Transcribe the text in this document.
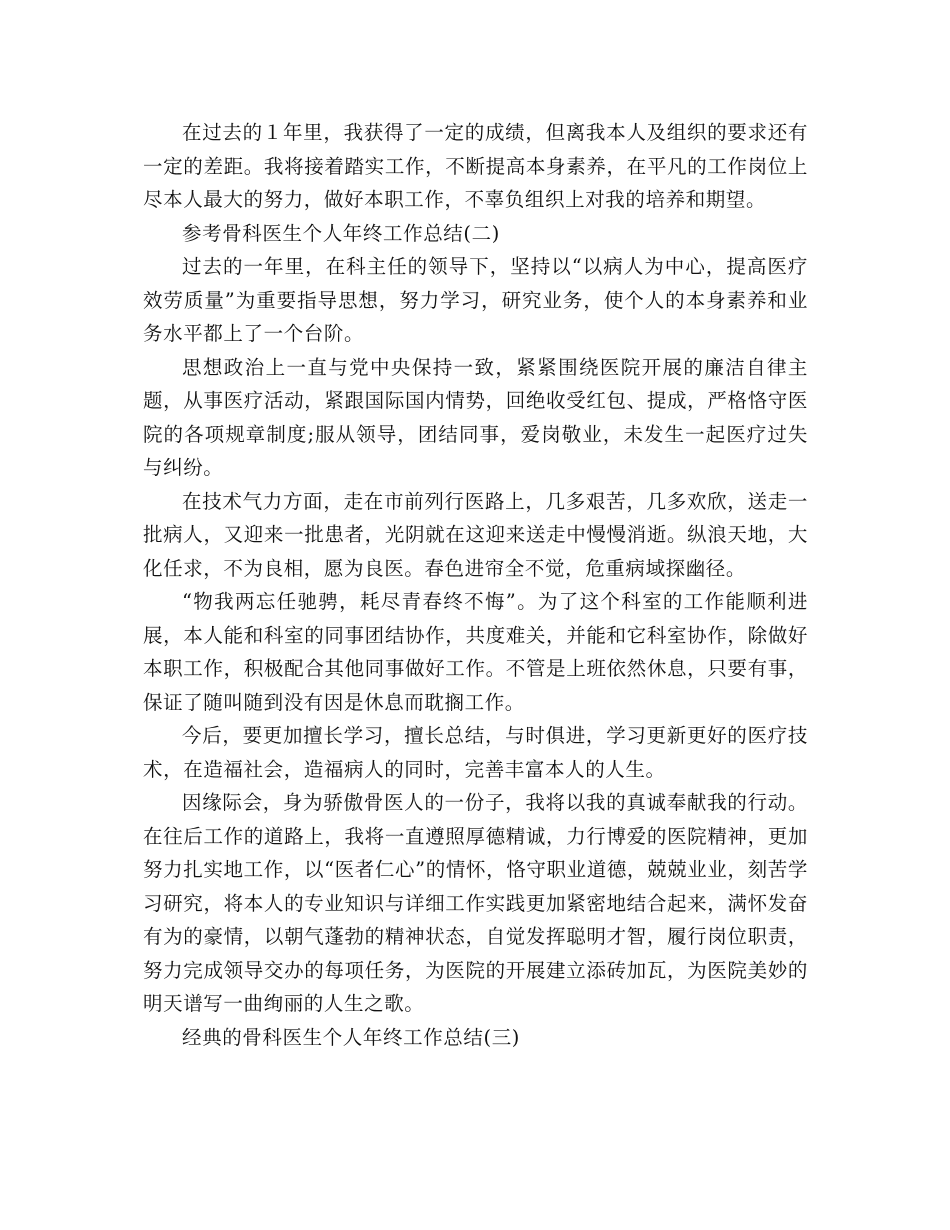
在过去的１年里，我获得了一定的成绩，但离我本人及组织的要求还有一定的差距。我将接着踏实工作，不断提高本身素养，在平凡的工作岗位上尽本人最大的努力，做好本职工作，不辜负组织上对我的培养和期望。

参考骨科医生个人年终工作总结(二)

过去的一年里，在科主任的领导下，坚持以“以病人为中心，提高医疗效劳质量”为重要指导思想，努力学习，研究业务，使个人的本身素养和业务水平都上了一个台阶。

思想政治上一直与党中央保持一致，紧紧围绕医院开展的廉洁自律主题，从事医疗活动，紧跟国际国内情势，回绝收受红包、提成，严格恪守医院的各项规章制度;服从领导，团结同事，爱岗敬业，未发生一起医疗过失与纠纷。

在技术气力方面，走在市前列行医路上，几多艰苦，几多欢欣，送走一批病人，又迎来一批患者，光阴就在这迎来送走中慢慢消逝。纵浪天地，大化任求，不为良相，愿为良医。春色进帘全不觉，危重病域探幽径。

“物我两忘任驰骋，耗尽青春终不悔”。为了这个科室的工作能顺利进展，本人能和科室的同事团结协作，共度难关，并能和它科室协作，除做好本职工作，积极配合其他同事做好工作。不管是上班依然休息，只要有事，保证了随叫随到没有因是休息而耽搁工作。

今后，要更加擅长学习，擅长总结，与时俱进，学习更新更好的医疗技术，在造福社会，造福病人的同时，完善丰富本人的人生。

因缘际会，身为骄傲骨医人的一份子，我将以我的真诚奉献我的行动。在往后工作的道路上，我将一直遵照厚德精诚，力行博爱的医院精神，更加努力扎实地工作，以“医者仁心”的情怀，恪守职业道德，兢兢业业，刻苦学习研究，将本人的专业知识与详细工作实践更加紧密地结合起来，满怀发奋有为的豪情，以朝气蓬勃的精神状态，自觉发挥聪明才智，履行岗位职责，努力完成领导交办的每项任务，为医院的开展建立添砖加瓦，为医院美妙的明天谱写一曲绚丽的人生之歌。

经典的骨科医生个人年终工作总结(三)
